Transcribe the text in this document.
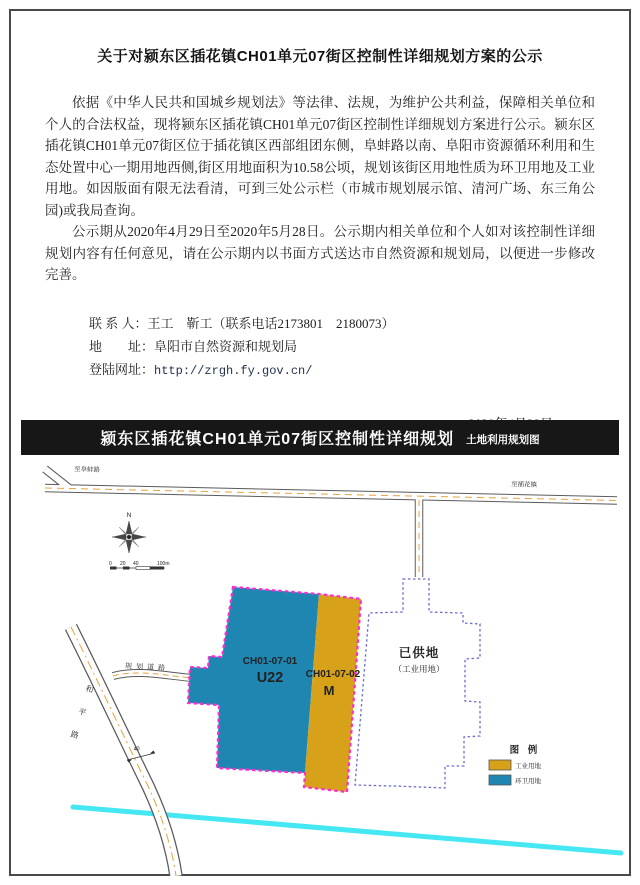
关于对颍东区插花镇CH01单元07街区控制性详细规划方案的公示

依据《中华人民共和国城乡规划法》等法律、法规，为维护公共利益，保障相关单位和个人的合法权益，现将颍东区插花镇CH01单元07街区控制性详细规划方案进行公示。颍东区插花镇CH01单元07街区位于插花镇区西部组团东侧，阜蚌路以南、阜阳市资源循环利用和生态处置中心一期用地西侧,街区用地面积为10.58公顷，规划该街区用地性质为环卫用地及工业用地。如因版面有限无法看清，可到三处公示栏（市城市规划展示馆、清河广场、东三角公园)或我局查询。

公示期从2020年4月29日至2020年5月28日。公示期内相关单位和个人如对该控制性详细规划内容有任何意见，请在公示期内以书面方式送达市自然资源和规划局，以便进一步修改完善。

联 系 人：王工　靳工（联系电话2173801　2180073）
地　　址：阜阳市自然资源和规划局
登陆网址：http://zrgh.fy.gov.cn/
颍东区插花镇CH01单元07街区控制性详细规划 土地利用规划图
CH01-07-01
U22 CH01-07-02
M
已供地
（工业用地）
至阜蚌路
至插花镇
规划道路
和平路	40
N
0 20 40	100m
图 例
工业用地
环卫用地
